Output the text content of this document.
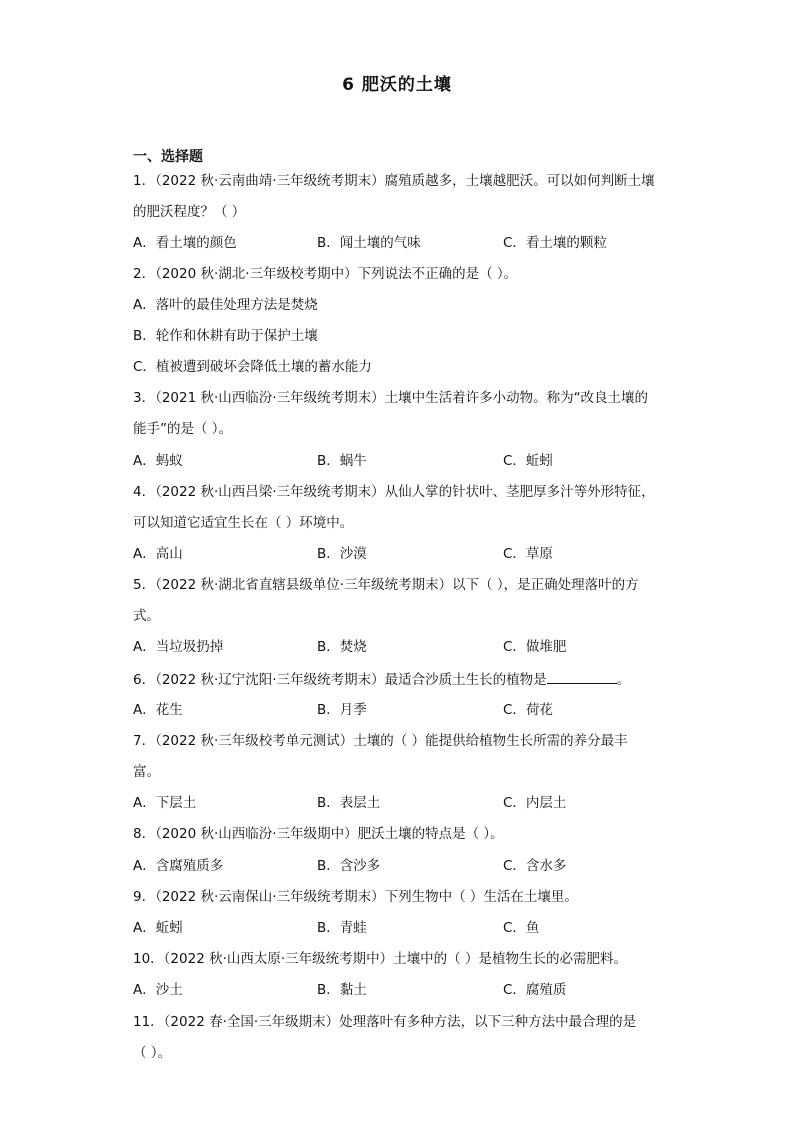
6 肥沃的土壤
一、选择题
1．（2022 秋·云南曲靖·三年级统考期末）腐殖质越多，土壤越肥沃。可以如何判断土壤
的肥沃程度？（ ）
A．看土壤的颜色	B．闻土壤的气味	C．看土壤的颗粒
2．（2020 秋·湖北·三年级校考期中）下列说法不正确的是（ ）。
A．落叶的最佳处理方法是焚烧
B．轮作和休耕有助于保护土壤
C．植被遭到破坏会降低土壤的蓄水能力
3．（2021 秋·山西临汾·三年级统考期末）土壤中生活着许多小动物。称为“改良土壤的
能手”的是（ ）。
A．蚂蚁	B．蜗牛	C．蚯蚓
4．（2022 秋·山西吕梁·三年级统考期末）从仙人掌的针状叶、茎肥厚多汁等外形特征，
可以知道它适宜生长在（ ）环境中。
A．高山	B．沙漠	C．草原
5．（2022 秋·湖北省直辖县级单位·三年级统考期末）以下（ ），是正确处理落叶的方
式。
A．当垃圾扔掉	B．焚烧	C．做堆肥
6．（2022 秋·辽宁沈阳·三年级统考期末）最适合沙质土生长的植物是	。
A．花生	B．月季	C．荷花
7．（2022 秋·三年级校考单元测试）土壤的（ ）能提供给植物生长所需的养分最丰
富。
A．下层土	B．表层土	C．内层土
8．（2020 秋·山西临汾·三年级期中）肥沃土壤的特点是（ ）。
A．含腐殖质多	B．含沙多	C．含水多
9．（2022 秋·云南保山·三年级统考期末）下列生物中（ ）生活在土壤里。
A．蚯蚓	B．青蛙	C．鱼
10．（2022 秋·山西太原·三年级统考期中）土壤中的（ ）是植物生长的必需肥料。
A．沙土	B．黏土	C．腐殖质
11．（2022 春·全国·三年级期末）处理落叶有多种方法，以下三种方法中最合理的是
（ ）。
